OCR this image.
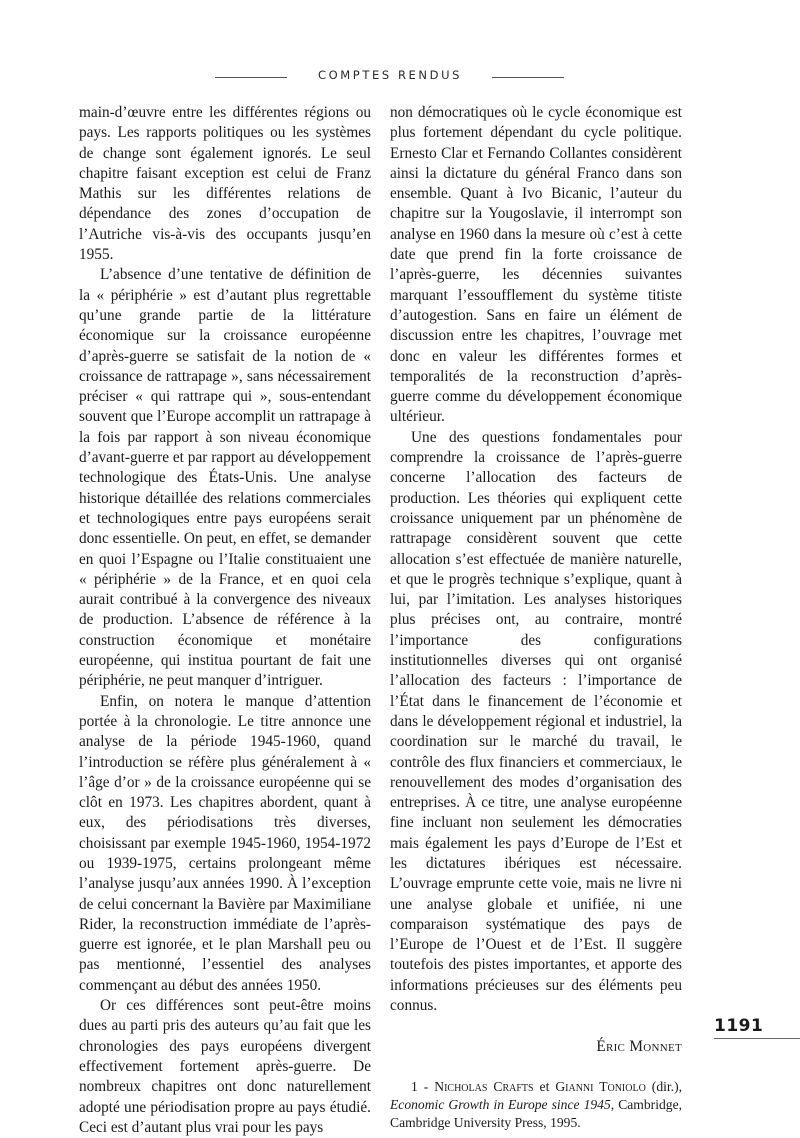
COMPTES RENDUS

main-d’œuvre entre les différentes régions ou pays. Les rapports politiques ou les systèmes de change sont également ignorés. Le seul chapitre faisant exception est celui de Franz Mathis sur les différentes relations de dépendance des zones d’occupation de l’Autriche vis-à-vis des occupants jusqu’en 1955.

L’absence d’une tentative de définition de la « périphérie » est d’autant plus regrettable qu’une grande partie de la littérature économique sur la croissance européenne d’après-guerre se satisfait de la notion de « croissance de rattrapage », sans nécessairement préciser « qui rattrape qui », sous-entendant souvent que l’Europe accomplit un rattrapage à la fois par rapport à son niveau économique d’avant-guerre et par rapport au développement technologique des États-Unis. Une analyse historique détaillée des relations commerciales et technologiques entre pays européens serait donc essentielle. On peut, en effet, se demander en quoi l’Espagne ou l’Italie constituaient une « périphérie » de la France, et en quoi cela aurait contribué à la convergence des niveaux de production. L’absence de référence à la construction économique et monétaire européenne, qui institua pourtant de fait une périphérie, ne peut manquer d’intriguer.

Enfin, on notera le manque d’attention portée à la chronologie. Le titre annonce une analyse de la période 1945-1960, quand l’introduction se réfère plus généralement à « l’âge d’or » de la croissance européenne qui se clôt en 1973. Les chapitres abordent, quant à eux, des périodisations très diverses, choisissant par exemple 1945-1960, 1954-1972 ou 1939-1975, certains prolongeant même l’analyse jusqu’aux années 1990. À l’exception de celui concernant la Bavière par Maximiliane Rider, la reconstruction immédiate de l’après-guerre est ignorée, et le plan Marshall peu ou pas mentionné, l’essentiel des analyses commençant au début des années 1950.

Or ces différences sont peut-être moins dues au parti pris des auteurs qu’au fait que les chronologies des pays européens divergent effectivement fortement après-guerre. De nombreux chapitres ont donc naturellement adopté une périodisation propre au pays étudié. Ceci est d’autant plus vrai pour les pays

non démocratiques où le cycle économique est plus fortement dépendant du cycle politique. Ernesto Clar et Fernando Collantes considèrent ainsi la dictature du général Franco dans son ensemble. Quant à Ivo Bicanic, l’auteur du chapitre sur la Yougoslavie, il interrompt son analyse en 1960 dans la mesure où c’est à cette date que prend fin la forte croissance de l’après-guerre, les décennies suivantes marquant l’essoufflement du système titiste d’autogestion. Sans en faire un élément de discussion entre les chapitres, l’ouvrage met donc en valeur les différentes formes et temporalités de la reconstruction d’après-guerre comme du développement économique ultérieur.

Une des questions fondamentales pour comprendre la croissance de l’après-guerre concerne l’allocation des facteurs de production. Les théories qui expliquent cette croissance uniquement par un phénomène de rattrapage considèrent souvent que cette allocation s’est effectuée de manière naturelle, et que le progrès technique s’explique, quant à lui, par l’imitation. Les analyses historiques plus précises ont, au contraire, montré l’importance des configurations institutionnelles diverses qui ont organisé l’allocation des facteurs : l’importance de l’État dans le financement de l’économie et dans le développement régional et industriel, la coordination sur le marché du travail, le contrôle des flux financiers et commerciaux, le renouvellement des modes d’organisation des entreprises. À ce titre, une analyse européenne fine incluant non seulement les démocraties mais également les pays d’Europe de l’Est et les dictatures ibériques est nécessaire. L’ouvrage emprunte cette voie, mais ne livre ni une analyse globale et unifiée, ni une comparaison systématique des pays de l’Europe de l’Ouest et de l’Est. Il suggère toutefois des pistes importantes, et apporte des informations précieuses sur des éléments peu connus.

Éric Monnet
1 - Nicholas Crafts et Gianni Toniolo (dir.), Economic Growth in Europe since 1945, Cambridge, Cambridge University Press, 1995.
1191
